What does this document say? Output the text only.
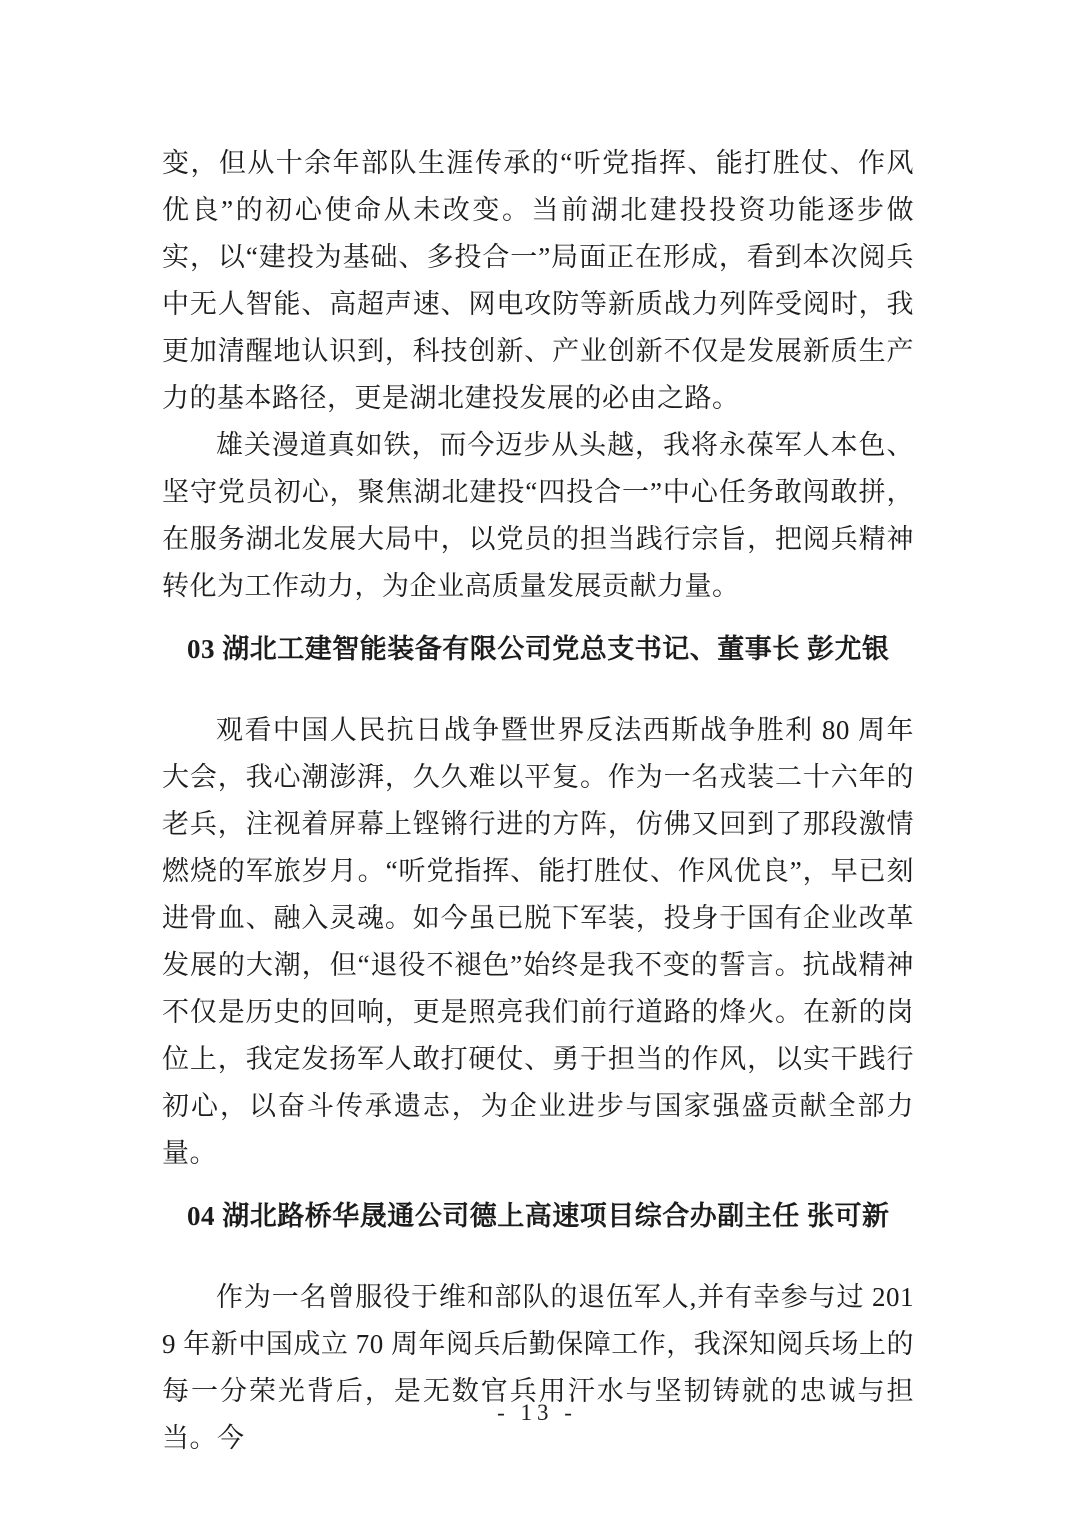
变，但从十余年部队生涯传承的“听党指挥、能打胜仗、作风优良”的初心使命从未改变。当前湖北建投投资功能逐步做实，以“建投为基础、多投合一”局面正在形成，看到本次阅兵中无人智能、高超声速、网电攻防等新质战力列阵受阅时，我更加清醒地认识到，科技创新、产业创新不仅是发展新质生产力的基本路径，更是湖北建投发展的必由之路。

雄关漫道真如铁，而今迈步从头越，我将永葆军人本色、坚守党员初心，聚焦湖北建投“四投合一”中心任务敢闯敢拼，在服务湖北发展大局中，以党员的担当践行宗旨，把阅兵精神转化为工作动力，为企业高质量发展贡献力量。

03 湖北工建智能装备有限公司党总支书记、董事长 彭尤银

观看中国人民抗日战争暨世界反法西斯战争胜利 80 周年大会，我心潮澎湃，久久难以平复。作为一名戎装二十六年的老兵，注视着屏幕上铿锵行进的方阵，仿佛又回到了那段激情燃烧的军旅岁月。“听党指挥、能打胜仗、作风优良”，早已刻进骨血、融入灵魂。如今虽已脱下军装，投身于国有企业改革发展的大潮，但“退役不褪色”始终是我不变的誓言。抗战精神不仅是历史的回响，更是照亮我们前行道路的烽火。在新的岗位上，我定发扬军人敢打硬仗、勇于担当的作风，以实干践行初心，以奋斗传承遗志，为企业进步与国家强盛贡献全部力量。

04 湖北路桥华晟通公司德上高速项目综合办副主任 张可新

作为一名曾服役于维和部队的退伍军人,并有幸参与过 2019 年新中国成立 70 周年阅兵后勤保障工作，我深知阅兵场上的每一分荣光背后，是无数官兵用汗水与坚韧铸就的忠诚与担当。今

- 13 -
